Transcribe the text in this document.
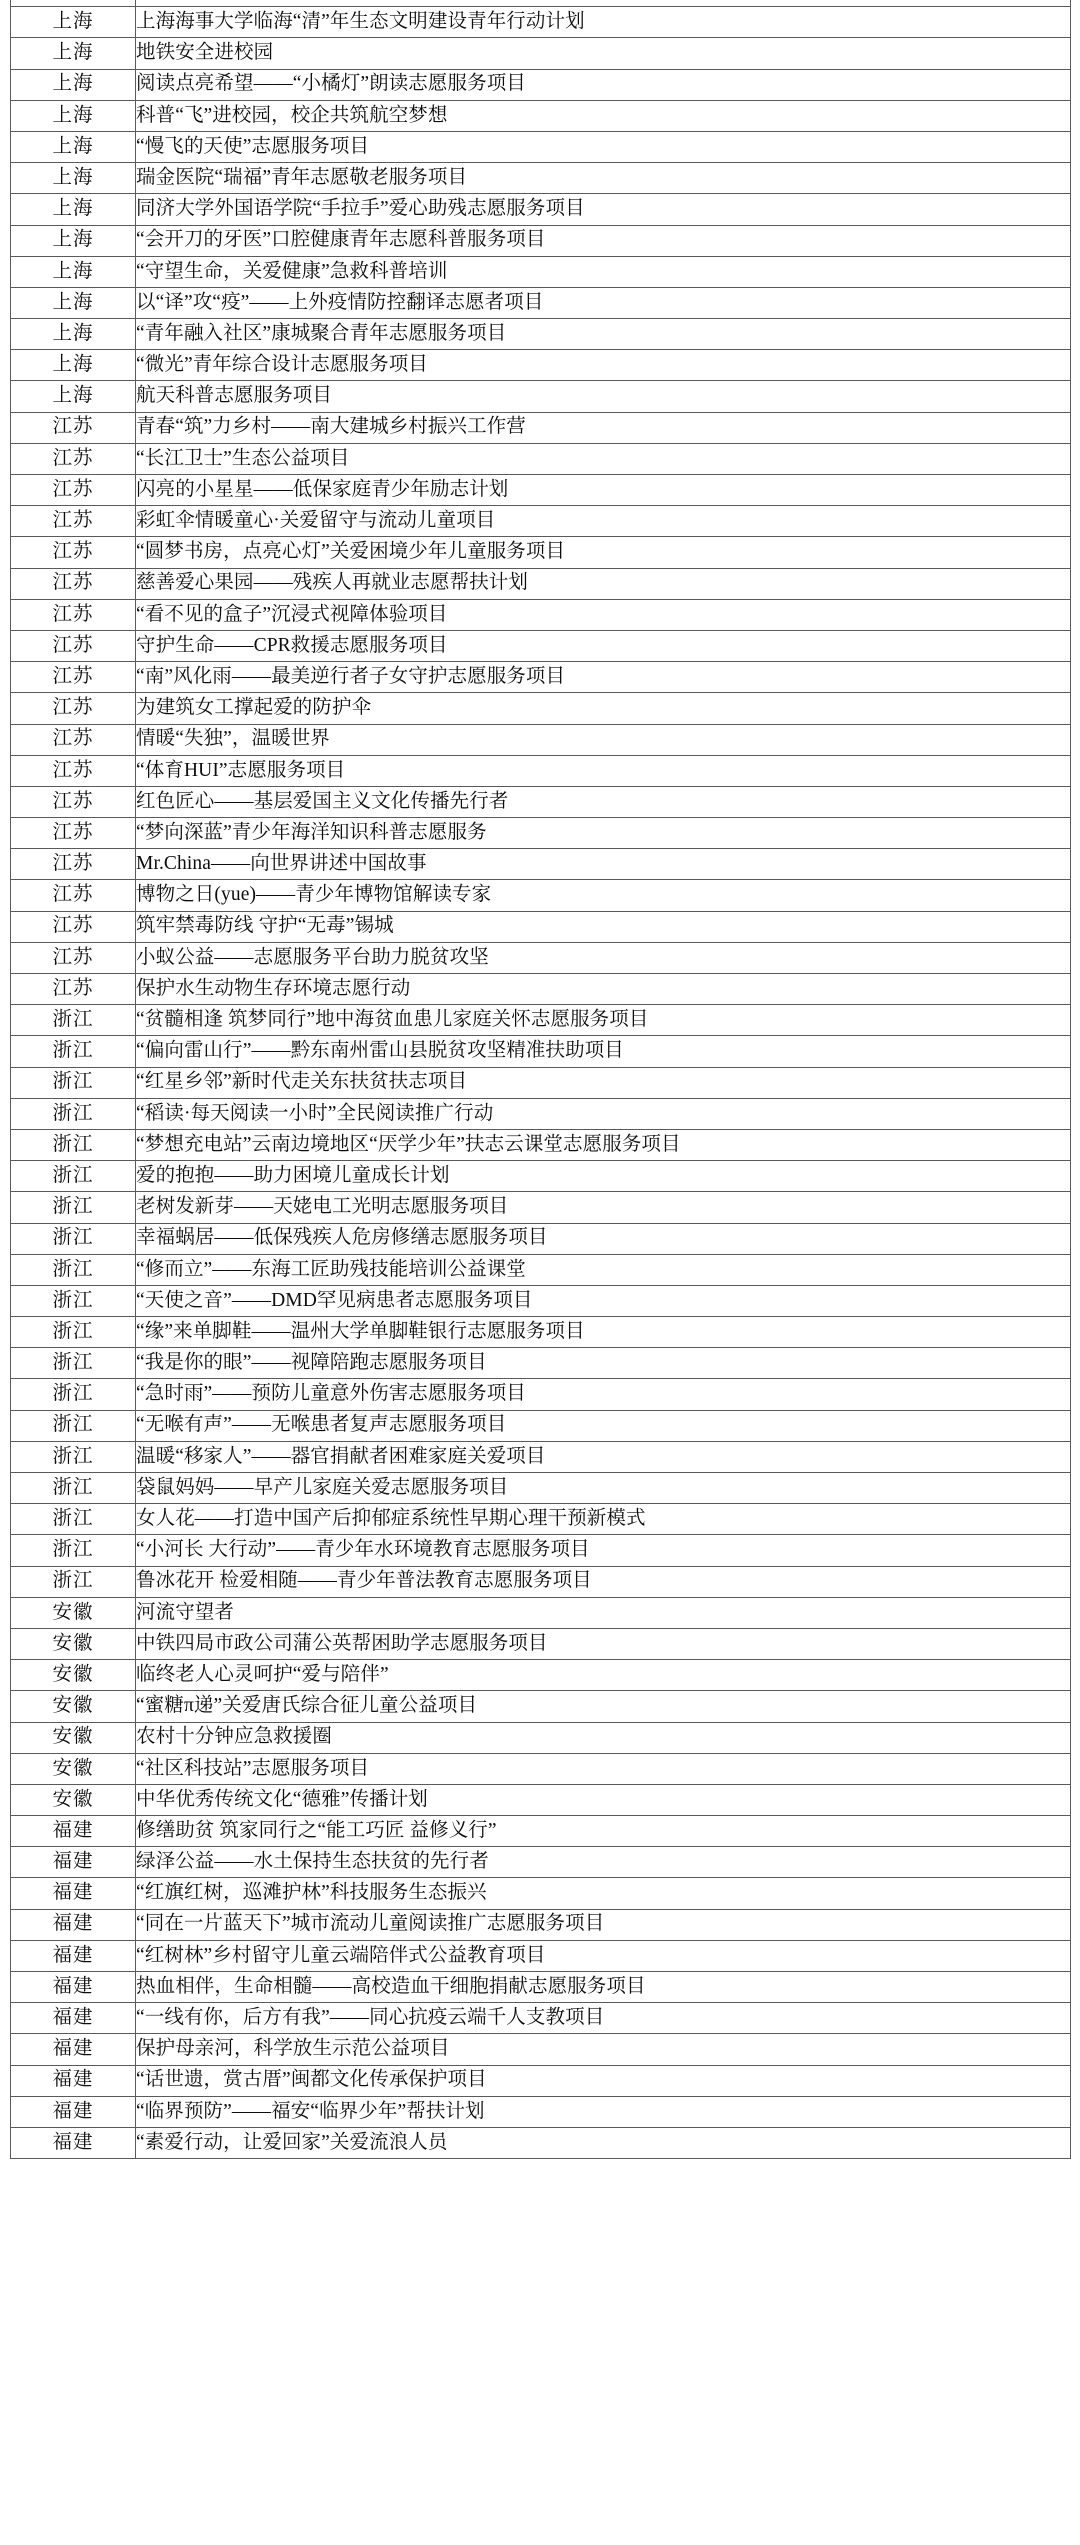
上海	上海海事大学临海“清”年生态文明建设青年行动计划
上海	地铁安全进校园
上海	阅读点亮希望——“小橘灯”朗读志愿服务项目
上海	科普“飞”进校园，校企共筑航空梦想
上海	“慢飞的天使”志愿服务项目
上海	瑞金医院“瑞福”青年志愿敬老服务项目
上海	同济大学外国语学院“手拉手”爱心助残志愿服务项目
上海	“会开刀的牙医”口腔健康青年志愿科普服务项目
上海	“守望生命，关爱健康”急救科普培训
上海	以“译”攻“疫”——上外疫情防控翻译志愿者项目
上海	“青年融入社区”康城聚合青年志愿服务项目
上海	“微光”青年综合设计志愿服务项目
上海	航天科普志愿服务项目
江苏	青春“筑”力乡村——南大建城乡村振兴工作营
江苏	“长江卫士”生态公益项目
江苏	闪亮的小星星——低保家庭青少年励志计划
江苏	彩虹伞情暖童心·关爱留守与流动儿童项目
江苏	“圆梦书房，点亮心灯”关爱困境少年儿童服务项目
江苏	慈善爱心果园——残疾人再就业志愿帮扶计划
江苏	“看不见的盒子”沉浸式视障体验项目
江苏	守护生命——CPR救援志愿服务项目
江苏	“南”风化雨——最美逆行者子女守护志愿服务项目
江苏	为建筑女工撑起爱的防护伞
江苏	情暖“失独”，温暖世界
江苏	“体育HUI”志愿服务项目
江苏	红色匠心——基层爱国主义文化传播先行者
江苏	“梦向深蓝”青少年海洋知识科普志愿服务
江苏	Mr.China——向世界讲述中国故事
江苏	博物之日(yue)——青少年博物馆解读专家
江苏	筑牢禁毒防线 守护“无毒”锡城
江苏	小蚁公益——志愿服务平台助力脱贫攻坚
江苏	保护水生动物生存环境志愿行动
浙江	“贫髓相逢 筑梦同行”地中海贫血患儿家庭关怀志愿服务项目
浙江	“偏向雷山行”——黔东南州雷山县脱贫攻坚精准扶助项目
浙江	“红星乡邻”新时代走关东扶贫扶志项目
浙江	“稻读·每天阅读一小时”全民阅读推广行动
浙江	“梦想充电站”云南边境地区“厌学少年”扶志云课堂志愿服务项目
浙江	爱的抱抱——助力困境儿童成长计划
浙江	老树发新芽——天姥电工光明志愿服务项目
浙江	幸福蜗居——低保残疾人危房修缮志愿服务项目
浙江	“修而立”——东海工匠助残技能培训公益课堂
浙江	“天使之音”——DMD罕见病患者志愿服务项目
浙江	“缘”来单脚鞋——温州大学单脚鞋银行志愿服务项目
浙江	“我是你的眼”——视障陪跑志愿服务项目
浙江	“急时雨”——预防儿童意外伤害志愿服务项目
浙江	“无喉有声”——无喉患者复声志愿服务项目
浙江	温暖“移家人”——器官捐献者困难家庭关爱项目
浙江	袋鼠妈妈——早产儿家庭关爱志愿服务项目
浙江	女人花——打造中国产后抑郁症系统性早期心理干预新模式
浙江	“小河长 大行动”——青少年水环境教育志愿服务项目
浙江	鲁冰花开 检爱相随——青少年普法教育志愿服务项目
安徽	河流守望者
安徽	中铁四局市政公司蒲公英帮困助学志愿服务项目
安徽	临终老人心灵呵护“爱与陪伴”
安徽	“蜜糖π递”关爱唐氏综合征儿童公益项目
安徽	农村十分钟应急救援圈
安徽	“社区科技站”志愿服务项目
安徽	中华优秀传统文化“德雅”传播计划
福建	修缮助贫 筑家同行之“能工巧匠 益修义行”
福建	绿泽公益——水土保持生态扶贫的先行者
福建	“红旗红树，巡滩护林”科技服务生态振兴
福建	“同在一片蓝天下”城市流动儿童阅读推广志愿服务项目
福建	“红树林”乡村留守儿童云端陪伴式公益教育项目
福建	热血相伴，生命相髓——高校造血干细胞捐献志愿服务项目
福建	“一线有你，后方有我”——同心抗疫云端千人支教项目
福建	保护母亲河，科学放生示范公益项目
福建	“话世遗，赏古厝”闽都文化传承保护项目
福建	“临界预防”——福安“临界少年”帮扶计划
福建	“素爱行动，让爱回家”关爱流浪人员
